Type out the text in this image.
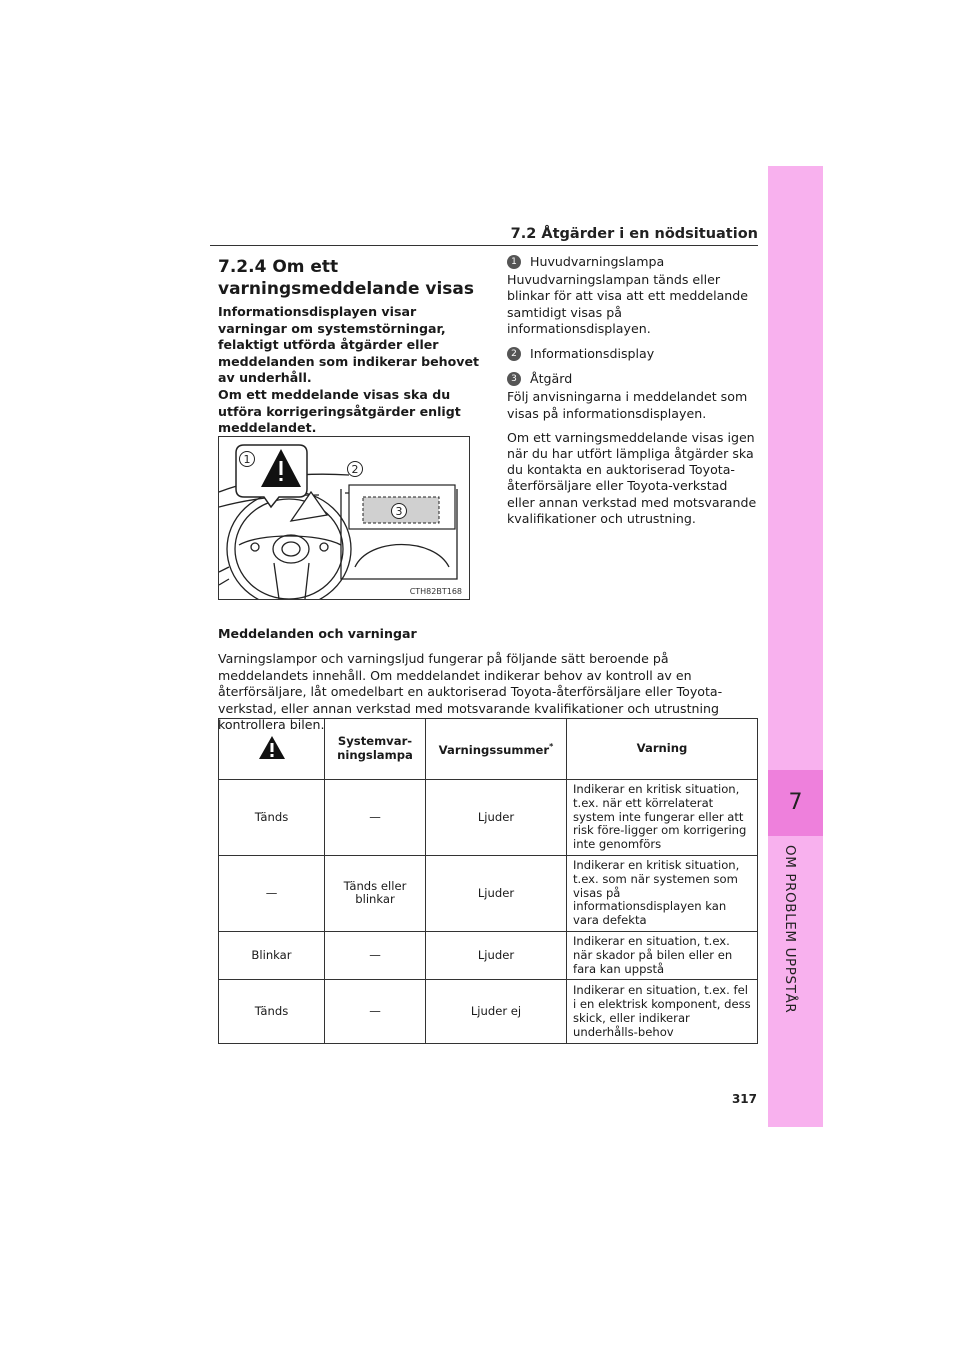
7
OM PROBLEM UPPSTÅR
7.2 Åtgärder i en nödsituation
7.2.4 Om ett varningsmeddelande visas

Informationsdisplayen visar varningar om systemstörningar, felaktigt utförda åtgärder eller meddelanden som indikerar behovet av underhåll.

Om ett meddelande visas ska du utföra korrigeringsåtgärder enligt meddelandet.

1
2
3
CTH82BT168
1	Huvudvarningslampa

Huvudvarningslampan tänds eller blinkar för att visa att ett meddelande samtidigt visas på informationsdisplayen.

2	Informationsdisplay
3	Åtgärd

Följ anvisningarna i meddelandet som visas på informationsdisplayen.

Om ett varningsmeddelande visas igen när du har utfört lämpliga åtgärder ska du kontakta en auktoriserad Toyota-återförsäljare eller Toyota-verkstad eller annan verkstad med motsvarande kvalifikationer och utrustning.

Meddelanden och varningar
Varningslampor och varningsljud fungerar på följande sätt beroende på meddelandets innehåll. Om meddelandet indikerar behov av kontroll av en återförsäljare, låt omedelbart en auktoriserad Toyota-återförsäljare eller Toyota-verkstad, eller annan verkstad med motsvarande kvalifikationer och utrustning kontrollera bilen.
	Systemvar-ningslampa	Varningssummer*	Varning
Tänds	—	Ljuder	Indikerar en kritisk situation, t.ex. när ett körrelaterat system inte fungerar eller att risk före-ligger om korrigering inte genomförs
—	Tänds eller blinkar	Ljuder	Indikerar en kritisk situation, t.ex. som när systemen som visas på informationsdisplayen kan vara defekta
Blinkar	—	Ljuder	Indikerar en situation, t.ex. när skador på bilen eller en fara kan uppstå
Tänds	—	Ljuder ej	Indikerar en situation, t.ex. fel i en elektrisk komponent, dess skick, eller indikerar underhålls-behov
317
